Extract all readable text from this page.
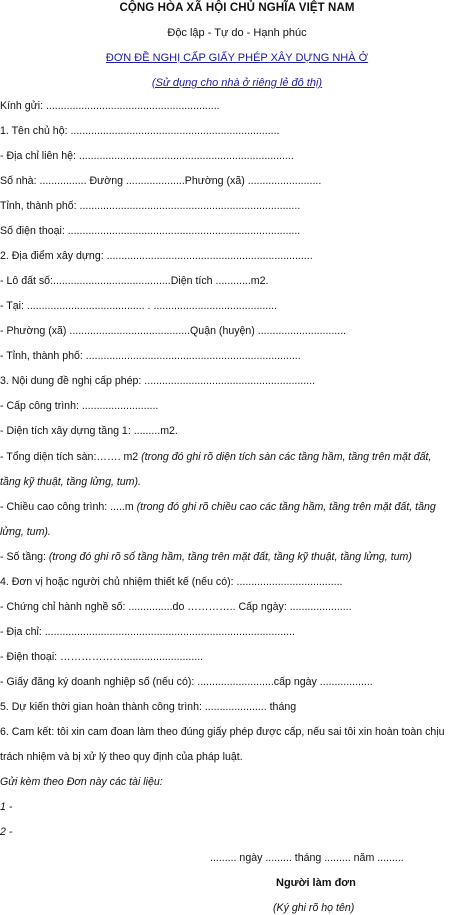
CỘNG HÒA XÃ HỘI CHỦ NGHĨA VIỆT NAM
Độc lập - Tự do - Hạnh phúc
ĐƠN ĐỀ NGHỊ CẤP GIẤY PHÉP XÂY DỰNG NHÀ Ở
(Sử dụng cho nhà ở riêng lẻ đô thị)
Kính gửi: ...........................................................
1. Tên chủ hộ: .......................................................................
- Địa chỉ liên hệ: .........................................................................
Số nhà: ................ Đường ....................Phường (xã) .........................
Tỉnh, thành phố: ...........................................................................
Số điện thoại: ...............................................................................
2. Địa điểm xây dựng: ......................................................................
- Lô đất số:........................................Diện tích ............m2.
- Tại: ........................................ . ..........................................
- Phường (xã) .........................................Quận (huyện) ..............................
- Tỉnh, thành phố: .........................................................................
3. Nội dung đề nghị cấp phép: ..........................................................
- Cấp công trình: ..........................
- Diện tích xây dựng tầng 1: .........m2.
- Tổng diện tích sàn:……. m2 (trong đó ghi rõ diện tích sàn các tầng hầm, tầng trên mặt đất,
tầng kỹ thuật, tầng lửng, tum).
- Chiều cao công trình: .....m (trong đó ghi rõ chiều cao các tầng hầm, tầng trên mặt đất, tầng
lửng, tum).
- Số tầng: (trong đó ghi rõ số tầng hầm, tầng trên mặt đất, tầng kỹ thuật, tầng lửng, tum)
4. Đơn vị hoặc người chủ nhiệm thiết kế (nếu có): ....................................
- Chứng chỉ hành nghề số: ...............do ………….. Cấp ngày: .....................
- Địa chỉ: .....................................................................................
- Điện thoại: ………………...........................
- Giấy đăng ký doanh nghiệp số (nếu có): ..........................cấp ngày ..................
5. Dự kiến thời gian hoàn thành công trình: ..................... tháng
6. Cam kết: tôi xin cam đoan làm theo đúng giấy phép được cấp, nếu sai tôi xin hoàn toàn chịu
trách nhiệm và bị xử lý theo quy định của pháp luật.
Gửi kèm theo Đơn này các tài liệu:
1 -
2 -
......... ngày ......... tháng ......... năm .........
Người làm đơn
(Ký ghi rõ họ tên)
